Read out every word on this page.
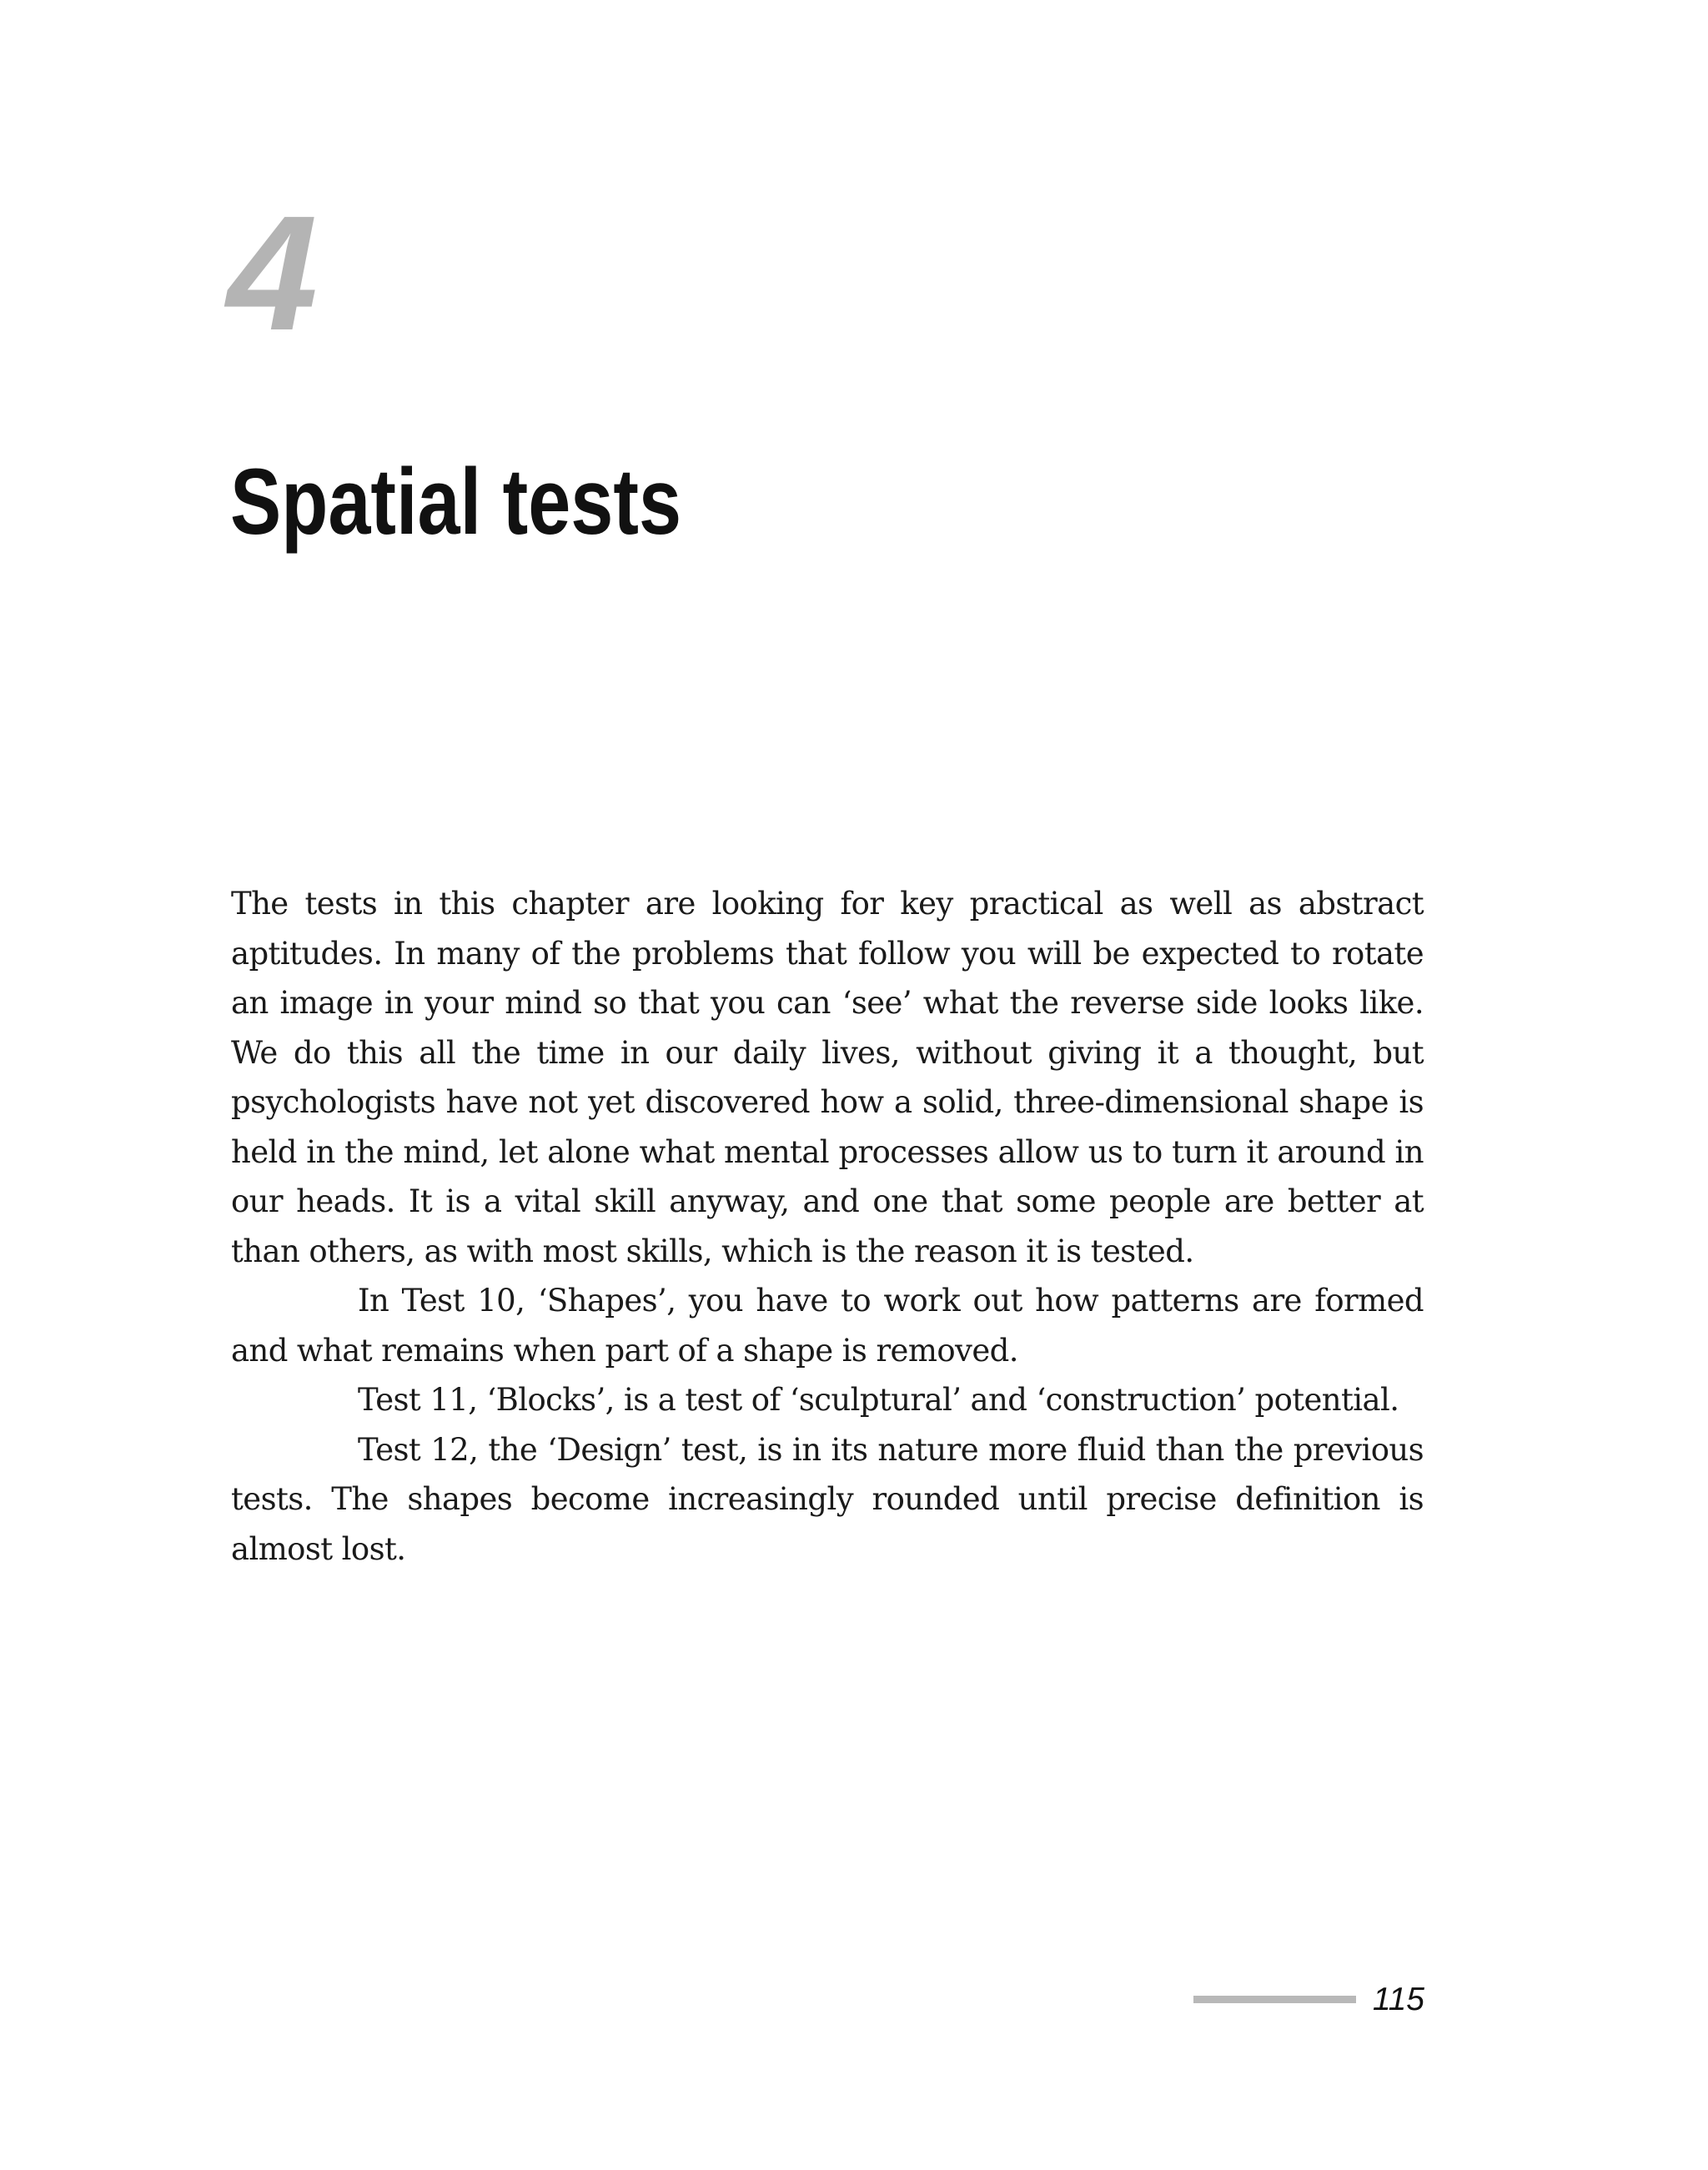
4
Spatial tests

The tests in this chapter are looking for key practical as well as abstract aptitudes. In many of the problems that follow you will be expected to rotate an image in your mind so that you can ‘see’ what the reverse side looks like. We do this all the time in our daily lives, without giving it a thought, but psychologists have not yet discovered how a solid, three-dimensional shape is held in the mind, let alone what mental processes allow us to turn it around in our heads. It is a vital skill anyway, and one that some people are better at than others, as with most skills, which is the reason it is tested.

In Test 10, ‘Shapes’, you have to work out how patterns are formed and what remains when part of a shape is removed.

Test 11, ‘Blocks’, is a test of ‘sculptural’ and ‘construction’ potential.

Test 12, the ‘Design’ test, is in its nature more fluid than the previous tests. The shapes become increasingly rounded until precise definition is almost lost.

115
